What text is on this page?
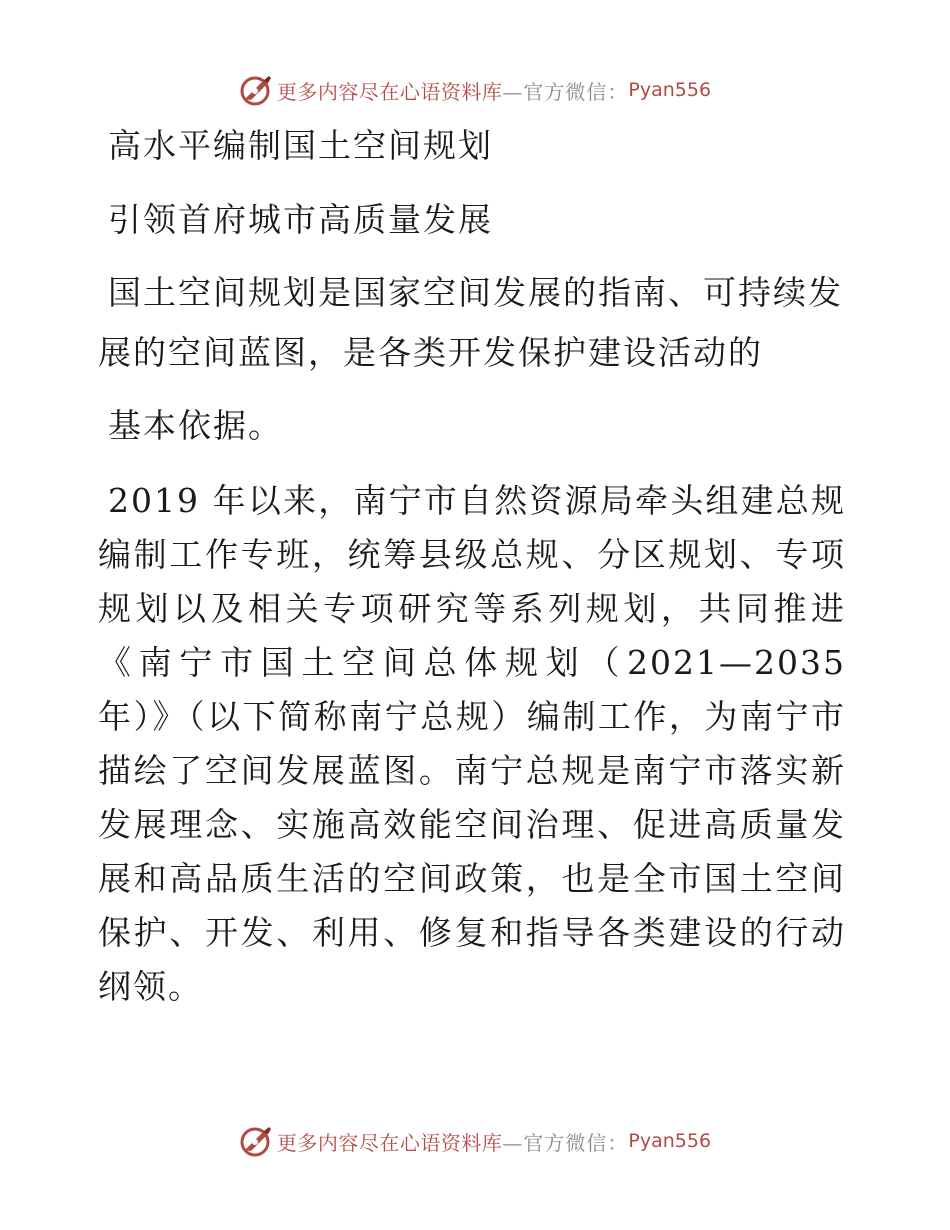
更多内容尽在心语资料库 —官方微信： Pyan556
高水平编制国土空间规划
引领首府城市高质量发展
国土空间规划是国家空间发展的指南、可持续发
展的空间蓝图，是各类开发保护建设活动的
基本依据。
2019 年以来，南宁市自然资源局牵头组建总规编制工作专班，统筹县级总规、分区规划、专项规划以及相关专项研究等系列规划，共同推进《南宁市国土空间总体规划（2021—2035　年）》（以下简称南宁总规）编制工作，为南宁市描绘了空间发展蓝图。南宁总规是南宁市落实新发展理念、实施高效能空间治理、促进高质量发展和高品质生活的空间政策，也是全市国土空间保护、开发、利用、修复和指导各类建设的行动纲领。
更多内容尽在心语资料库 —官方微信： Pyan556
